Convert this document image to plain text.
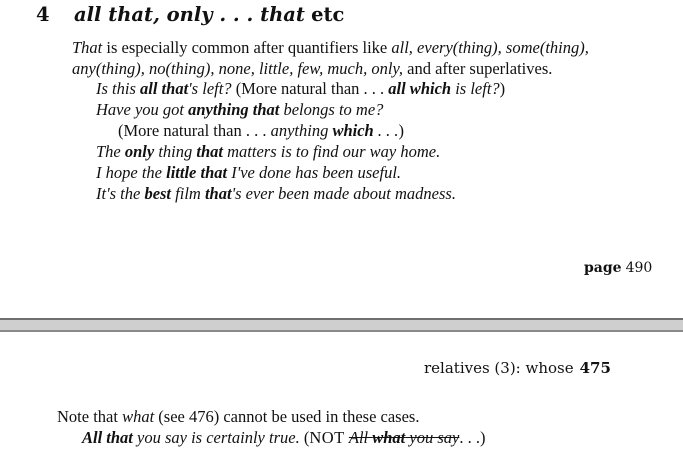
4 all that, only . . . that etc
That is especially common after quantifiers like all, every(thing), some(thing),
any(thing), no(thing), none, little, few, much, only, and after superlatives.
Is this all that's left? (More natural than . . . all which is left?)
Have you got anything that belongs to me?
(More natural than . . . anything which . . .)
The only thing that matters is to find our way home.
I hope the little that I've done has been useful.
It's the best film that's ever been made about madness.
page 490
relatives (3): whose 475
Note that what (see 476) cannot be used in these cases.
All that you say is certainly true. (NOT All what you say. . .)
